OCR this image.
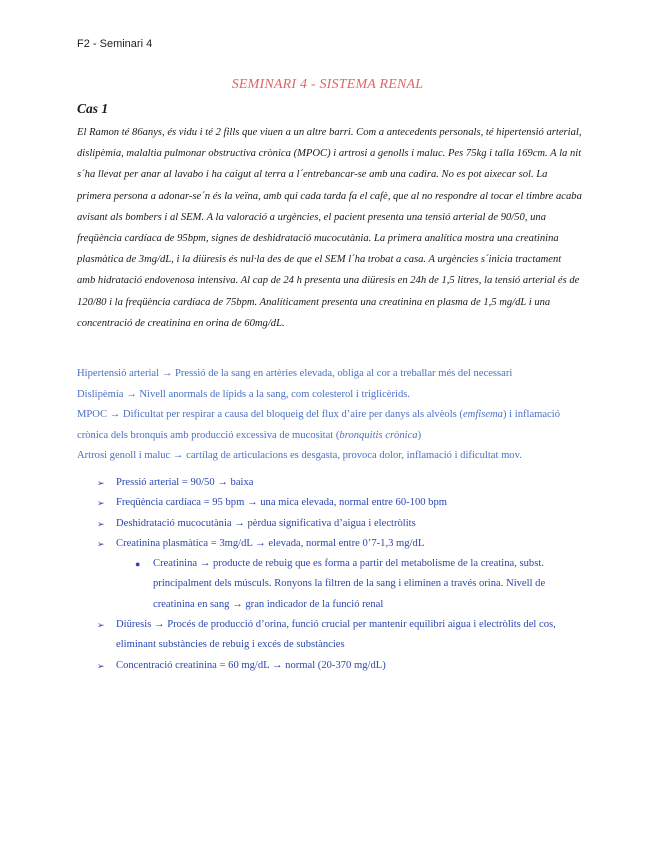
F2 - Seminari 4
SEMINARI 4 - SISTEMA RENAL
Cas 1
El Ramon té 86anys, és vidu i té 2 fills que viuen a un altre barri. Com a antecedents personals, té hipertensió arterial, dislipèmia, malaltia pulmonar obstructiva crònica (MPOC) i artrosi a genolls i maluc. Pes 75kg i talla 169cm. A la nit s´ha llevat per anar al lavabo i ha caigut al terra a l´entrebancar-se amb una cadira. No es pot aixecar sol. La primera persona a adonar-se´n és la veïna, amb qui cada tarda fa el cafè, que al no respondre al tocar el timbre acaba avisant als bombers i al SEM. A la valoració a urgències, el pacient presenta una tensió arterial de 90/50, una freqüència cardíaca de 95bpm, signes de deshidratació mucocutània. La primera analítica mostra una creatinina plasmàtica de 3mg/dL, i la diüresis és nul·la des de que el SEM l´ha trobat a casa. A urgències s´inicia tractament amb hidratació endovenosa intensiva. Al cap de 24 h presenta una diüresis en 24h de 1,5 litres, la tensió arterial és de 120/80 i la freqüència cardíaca de 75bpm. Analíticament presenta una creatinina en plasma de 1,5 mg/dL i una concentració de creatinina en orina de 60mg/dL.
Hipertensió arterial → Pressió de la sang en artèries elevada, obliga al cor a treballar més del necessari
Dislipèmia → Nivell anormals de lípids a la sang, com colesterol i triglicèrids.
MPOC → Dificultat per respirar a causa del bloqueig del flux d’aire per danys als alvèols (emfisema) i inflamació crònica dels bronquis amb producció excessiva de mucositat (bronquitis crònica)
Artrosi genoll i maluc → cartílag de articulacions es desgasta, provoca dolor, inflamació i dificultat mov.
➢ Pressió arterial = 90/50 → baixa
➢ Freqüència cardíaca = 95 bpm → una mica elevada, normal entre 60-100 bpm
➢ Deshidratació mucocutània → pèrdua significativa d’aigua i electròlits
➢ Creatinina plasmàtica = 3mg/dL → elevada, normal entre 0’7-1,3 mg/dL
● Creatinina → producte de rebuig que es forma a partir del metabolisme de la creatina, subst. principalment dels músculs. Ronyons la filtren de la sang i eliminen a través orina. Nivell de creatinina en sang → gran indicador de la funció renal
➢ Diüresis → Procés de producció d’orina, funció crucial per mantenir equilibri aigua i electròlits del cos, eliminant substàncies de rebuig i excés de substàncies
➢ Concentració creatinina = 60 mg/dL → normal (20-370 mg/dL)
